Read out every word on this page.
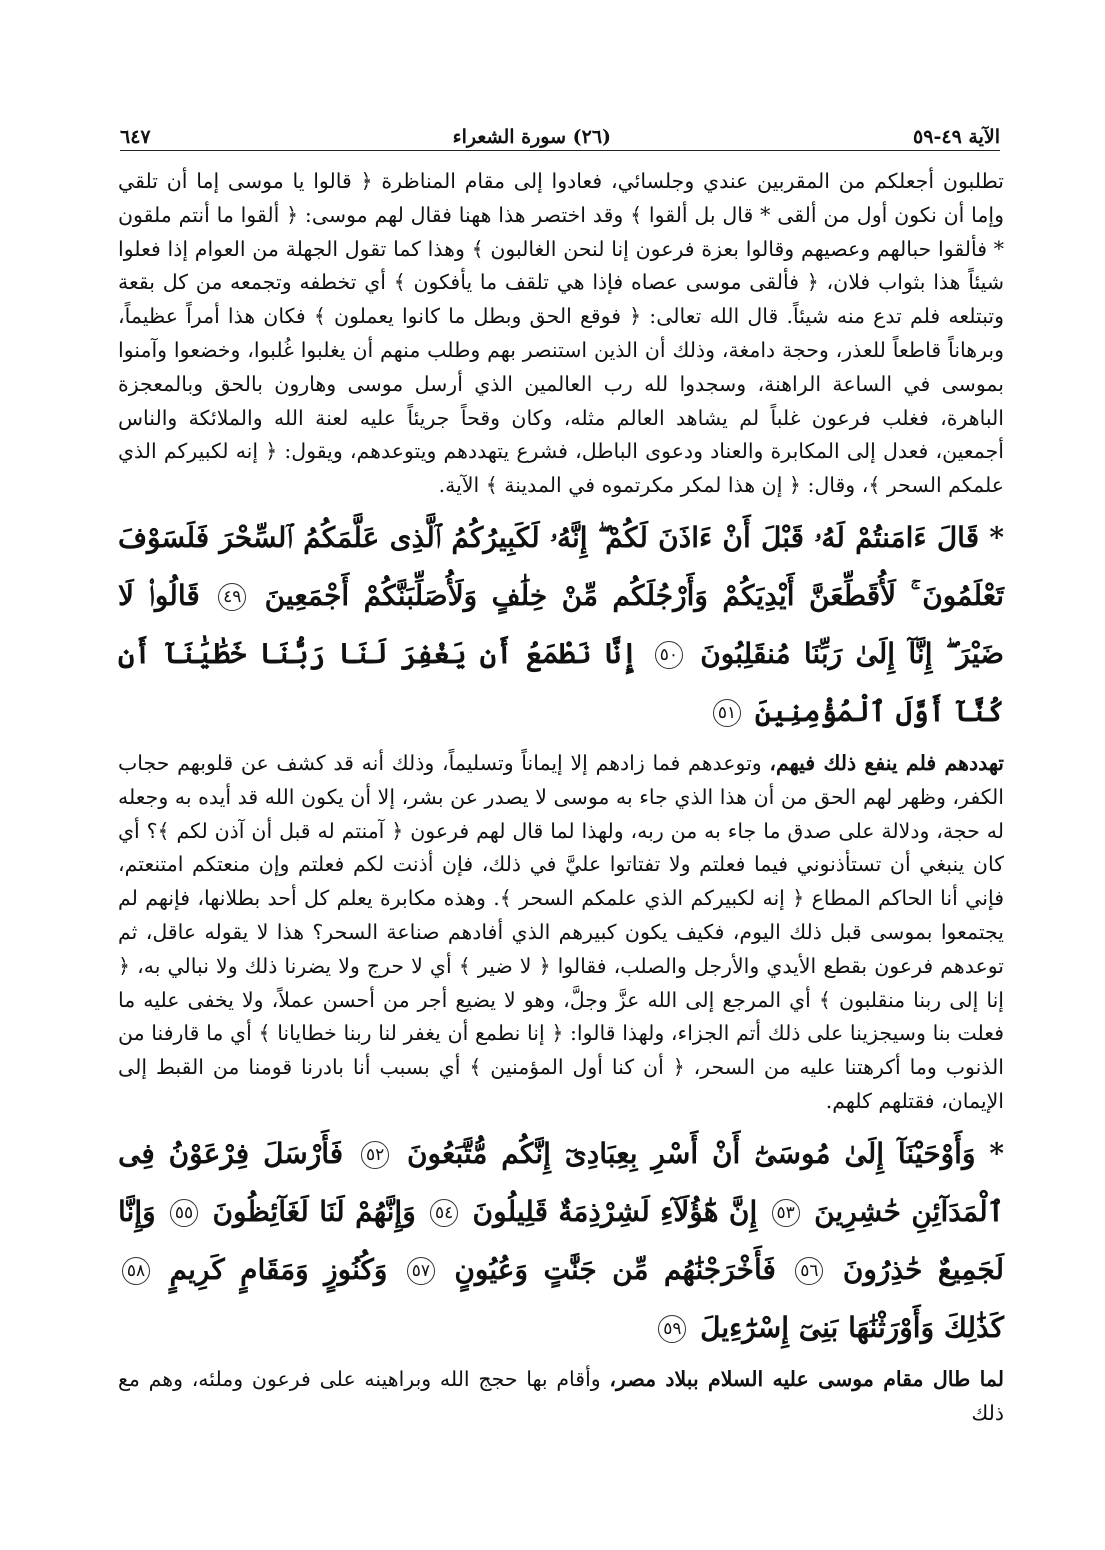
الآية ٤٩-٥٩
(٢٦) سورة الشعراء
٦٤٧

تطلبون أجعلكم من المقربين عندي وجلسائي، فعادوا إلى مقام المناظرة ﴿ قالوا يا موسى إما أن تلقي وإما أن نكون أول من ألقى * قال بل ألقوا ﴾ وقد اختصر هذا ههنا فقال لهم موسى: ﴿ ألقوا ما أنتم ملقون * فألقوا حبالهم وعصيهم وقالوا بعزة فرعون إنا لنحن الغالبون ﴾ وهذا كما تقول الجهلة من العوام إذا فعلوا شيئاً هذا بثواب فلان، ﴿ فألقى موسى عصاه فإذا هي تلقف ما يأفكون ﴾ أي تخطفه وتجمعه من كل بقعة وتبتلعه فلم تدع منه شيئاً. قال الله تعالى: ﴿ فوقع الحق وبطل ما كانوا يعملون ﴾ فكان هذا أمراً عظيماً، وبرهاناً قاطعاً للعذر، وحجة دامغة، وذلك أن الذين استنصر بهم وطلب منهم أن يغلبوا غُلبوا، وخضعوا وآمنوا بموسى في الساعة الراهنة، وسجدوا لله رب العالمين الذي أرسل موسى وهارون بالحق وبالمعجزة الباهرة، فغلب فرعون غلباً لم يشاهد العالم مثله، وكان وقحاً جريئاً عليه لعنة الله والملائكة والناس أجمعين، فعدل إلى المكابرة والعناد ودعوى الباطل، فشرع يتهددهم ويتوعدهم، ويقول: ﴿ إنه لكبيركم الذي علمكم السحر ﴾، وقال: ﴿ إن هذا لمكر مكرتموه في المدينة ﴾ الآية.

* قَالَ ءَامَنتُمْ لَهُۥ قَبْلَ أَنْ ءَاذَنَ لَكُمْ ۖ إِنَّهُۥ لَكَبِيرُكُمُ ٱلَّذِى عَلَّمَكُمُ ٱلسِّحْرَ فَلَسَوْفَ تَعْلَمُونَ ۚ لَأُقَطِّعَنَّ أَيْدِيَكُمْ وَأَرْجُلَكُم مِّنْ خِلَٰفٍ وَلَأُصَلِّبَنَّكُمْ أَجْمَعِينَ ٤٩ قَالُوا۟ لَا ضَيْرَ ۖ إِنَّآ إِلَىٰ رَبِّنَا مُنقَلِبُونَ ٥٠ إِنَّا نَطْمَعُ أَن يَغْفِرَ لَنَا رَبُّنَا خَطَٰيَٰنَآ أَن كُنَّآ أَوَّلَ ٱلْمُؤْمِنِينَ ٥١

تهددهم فلم ينفع ذلك فيهم، وتوعدهم فما زادهم إلا إيماناً وتسليماً، وذلك أنه قد كشف عن قلوبهم حجاب الكفر، وظهر لهم الحق من أن هذا الذي جاء به موسى لا يصدر عن بشر، إلا أن يكون الله قد أيده به وجعله له حجة، ودلالة على صدق ما جاء به من ربه، ولهذا لما قال لهم فرعون ﴿ آمنتم له قبل أن آذن لكم ﴾؟ أي كان ينبغي أن تستأذنوني فيما فعلتم ولا تفتاتوا عليَّ في ذلك، فإن أذنت لكم فعلتم وإن منعتكم امتنعتم، فإني أنا الحاكم المطاع ﴿ إنه لكبيركم الذي علمكم السحر ﴾. وهذه مكابرة يعلم كل أحد بطلانها، فإنهم لم يجتمعوا بموسى قبل ذلك اليوم، فكيف يكون كبيرهم الذي أفادهم صناعة السحر؟ هذا لا يقوله عاقل، ثم توعدهم فرعون بقطع الأيدي والأرجل والصلب، فقالوا ﴿ لا ضير ﴾ أي لا حرج ولا يضرنا ذلك ولا نبالي به، ﴿ إنا إلى ربنا منقلبون ﴾ أي المرجع إلى الله عزَّ وجلَّ، وهو لا يضيع أجر من أحسن عملاً، ولا يخفى عليه ما فعلت بنا وسيجزينا على ذلك أتم الجزاء، ولهذا قالوا: ﴿ إنا نطمع أن يغفر لنا ربنا خطايانا ﴾ أي ما قارفنا من الذنوب وما أكرهتنا عليه من السحر، ﴿ أن كنا أول المؤمنين ﴾ أي بسبب أنا بادرنا قومنا من القبط إلى الإيمان، فقتلهم كلهم.

* وَأَوْحَيْنَآ إِلَىٰ مُوسَىٰٓ أَنْ أَسْرِ بِعِبَادِىٓ إِنَّكُم مُّتَّبَعُونَ ٥٢ فَأَرْسَلَ فِرْعَوْنُ فِى ٱلْمَدَآئِنِ حَٰشِرِينَ ٥٣ إِنَّ هَٰٓؤُلَآءِ لَشِرْذِمَةٌ قَلِيلُونَ ٥٤ وَإِنَّهُمْ لَنَا لَغَآئِظُونَ ٥٥ وَإِنَّا لَجَمِيعٌ حَٰذِرُونَ ٥٦ فَأَخْرَجْنَٰهُم مِّن جَنَّٰتٍ وَعُيُونٍ ٥٧ وَكُنُوزٍ وَمَقَامٍ كَرِيمٍ ٥٨ كَذَٰلِكَ وَأَوْرَثْنَٰهَا بَنِىٓ إِسْرَٰٓءِيلَ ٥٩

لما طال مقام موسى عليه السلام ببلاد مصر، وأقام بها حجج الله وبراهينه على فرعون وملئه، وهم مع ذلك
